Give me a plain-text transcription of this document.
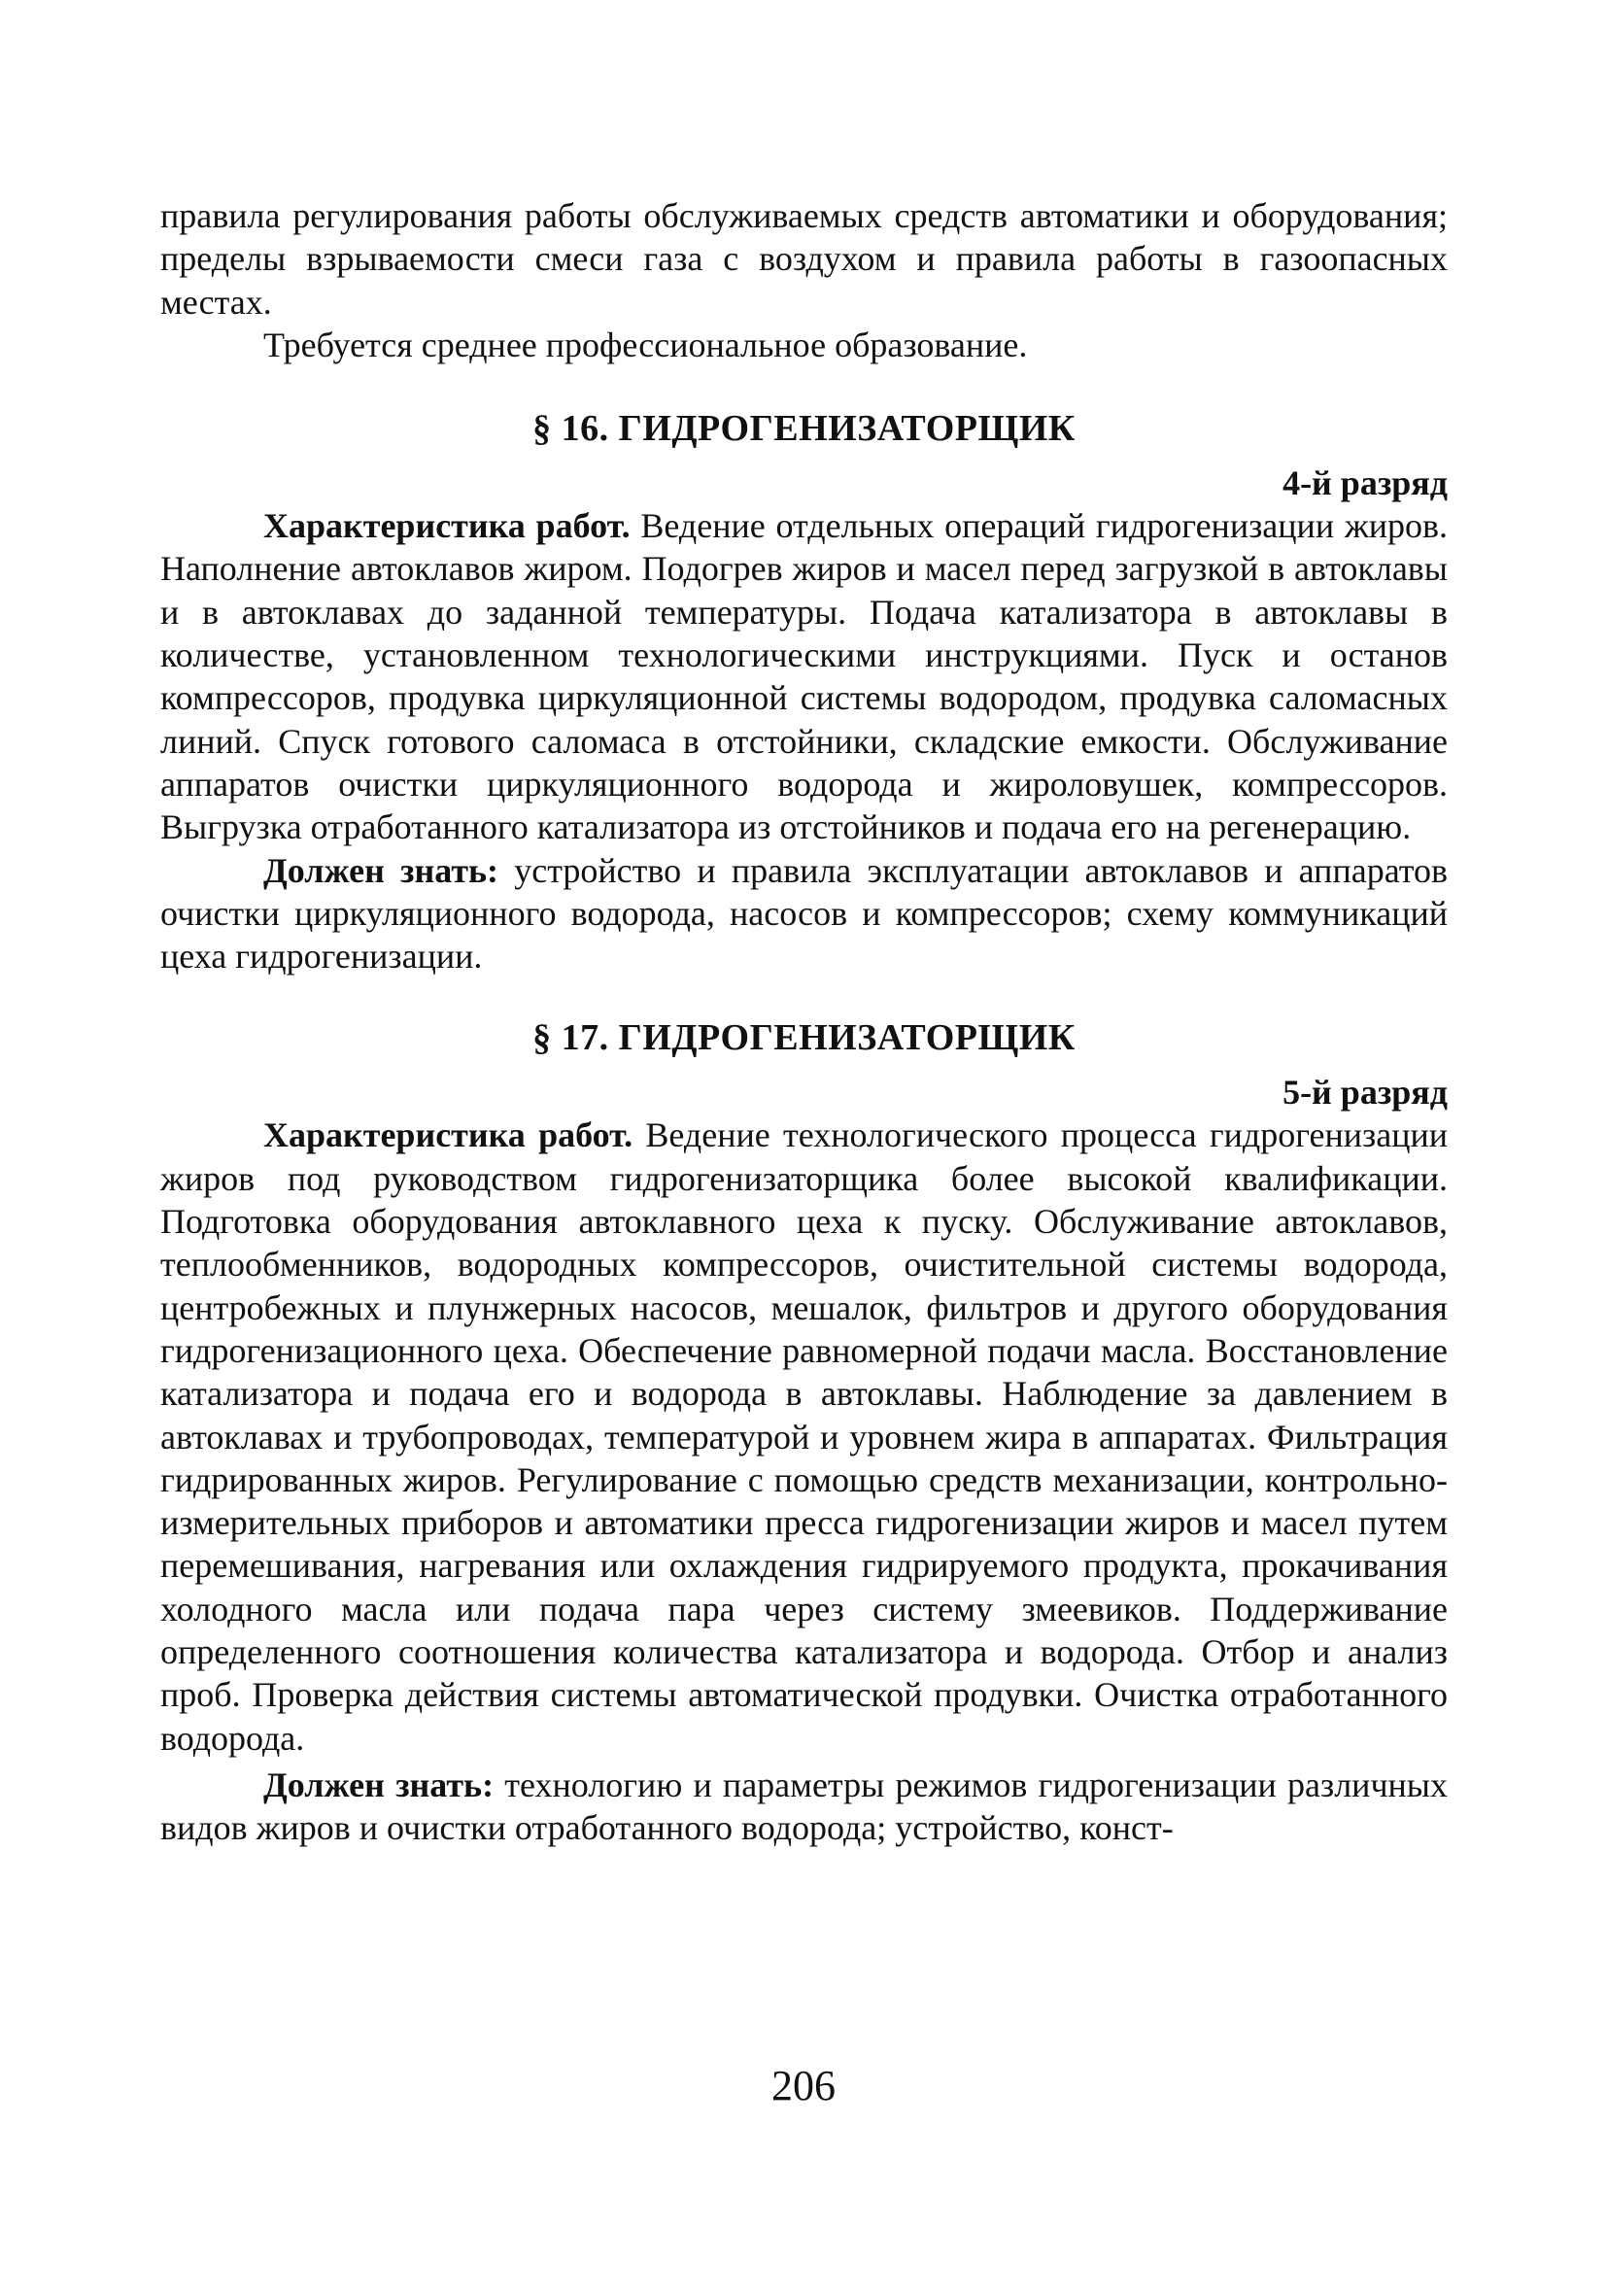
правила регулирования работы обслуживаемых средств автоматики и оборудования; пределы взрываемости смеси газа с воздухом и правила работы в газоопасных местах.

Требуется среднее профессиональное образование.

§ 16. ГИДРОГЕНИЗАТОРЩИК
4-й разряд

Характеристика работ. Ведение отдельных операций гидрогенизации жиров. Наполнение автоклавов жиром. Подогрев жиров и масел перед загрузкой в автоклавы и в автоклавах до заданной температуры. Подача катализатора в автоклавы в количестве, установленном технологическими инструкциями. Пуск и останов компрессоров, продувка циркуляционной системы водородом, продувка саломасных линий. Спуск готового саломаса в отстойники, складские емкости. Обслуживание аппаратов очистки циркуляционного водорода и жироловушек, компрессоров. Выгрузка отработанного катализатора из отстойников и подача его на регенерацию.

Должен знать: устройство и правила эксплуатации автоклавов и аппаратов очистки циркуляционного водорода, насосов и компрессоров; схему коммуникаций цеха гидрогенизации.

§ 17. ГИДРОГЕНИЗАТОРЩИК
5-й разряд

Характеристика работ. Ведение технологического процесса гидрогенизации жиров под руководством гидрогенизаторщика более высокой квалификации. Подготовка оборудования автоклавного цеха к пуску. Обслуживание автоклавов, теплообменников, водородных компрессоров, очистительной системы водорода, центробежных и плунжерных насосов, мешалок, фильтров и другого оборудования гидрогенизационного цеха. Обеспечение равномерной подачи масла. Восстановление катализатора и подача его и водорода в автоклавы. Наблюдение за давлением в автоклавах и трубопроводах, температурой и уровнем жира в аппаратах. Фильтрация гидрированных жиров. Регулирование с помощью средств механизации, контрольно-измерительных приборов и автоматики пресса гидрогенизации жиров и масел путем перемешивания, нагревания или охлаждения гидрируемого продукта, прокачивания холодного масла или подача пара через систему змеевиков. Поддерживание определенного соотношения количества катализатора и водорода. Отбор и анализ проб. Проверка действия системы автоматической продувки. Очистка отработанного водорода.

Должен знать: технологию и параметры режимов гидрогенизации различных видов жиров и очистки отработанного водорода; устройство, конст-

206
